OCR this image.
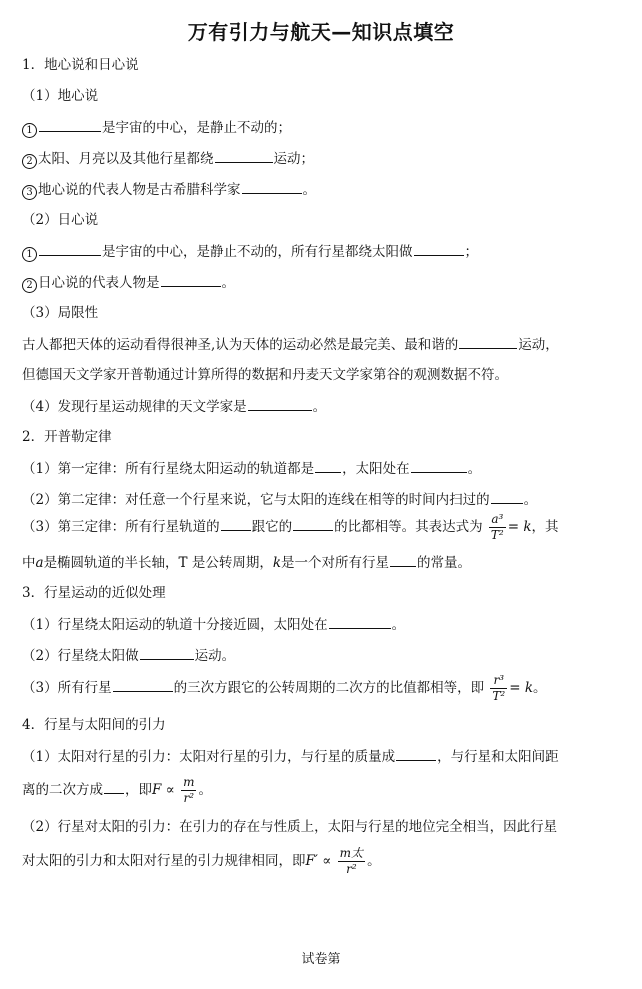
万有引力与航天—知识点填空
1．地心说和日心说
（1）地心说
1	是宇宙的中心，是静止不动的；
2 太阳、月亮以及其他行星都绕	运动；
3 地心说的代表人物是古希腊科学家	。
（2）日心说
1	是宇宙的中心，是静止不动的，所有行星都绕太阳做	；
2 日心说的代表人物是	。
（3）局限性
古人都把天体的运动看得很神圣,认为天体的运动必然是最完美、最和谐的	运动，
但德国天文学家开普勒通过计算所得的数据和丹麦天文学家第谷的观测数据不符。
（4）发现行星运动规律的天文学家是	。
2．开普勒定律
（1）第一定律：所有行星绕太阳运动的轨道都是 ，太阳处在	。
（2）第二定律：对任意一个行星来说，它与太阳的连线在相等的时间内扫过的	。
（3）第三定律：所有行星轨道的 跟它的	的比都相等。其表达式为 $\frac{\text{a³}}{\text{T²}} = k$，其
中a是椭圆轨道的半长轴，T 是公转周期，k是一个对所有行星 的常量。
3．行星运动的近似处理
（1）行星绕太阳运动的轨道十分接近圆，太阳处在	。
（2）行星绕太阳做	运动。
（3）所有行星	的三次方跟它的公转周期的二次方的比值都相等，即 $\frac{\text{r³}}{\text{T²}} = k$。
4．行星与太阳间的引力
（1）太阳对行星的引力：太阳对行星的引力，与行星的质量成	，与行星和太阳间距
离的二次方成 ，即$F \propto \frac{m}{\text{r²}}$ 。
（2）行星对太阳的引力：在引力的存在与性质上，太阳与行星的地位完全相当，因此行星
对太阳的引力和太阳对行星的引力规律相同，即$F' \propto \frac{\text{m太}}{\text{r²}}$ 。
试卷第
